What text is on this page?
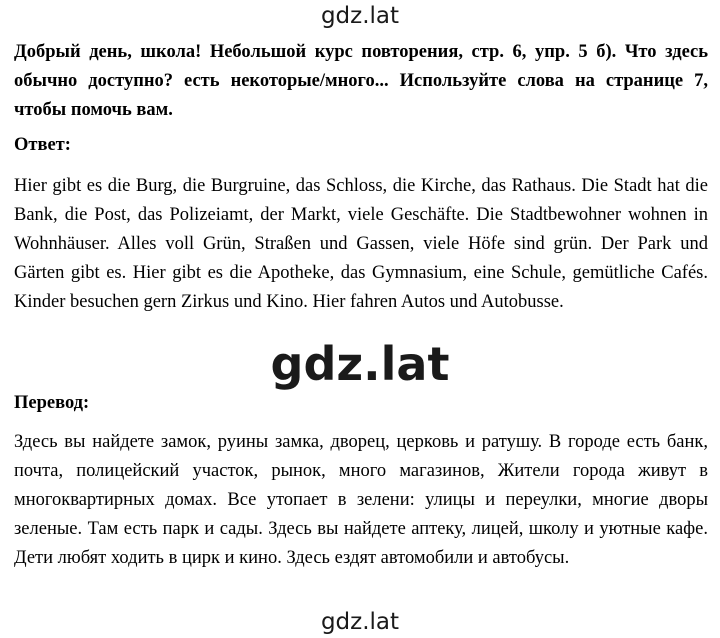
gdz.lat

Добрый день, школа! Небольшой курс повторения, стр. 6, упр. 5 б). Что здесь обычно доступно? есть некоторые/много... Используйте слова на странице 7, чтобы помочь вам.

Ответ:

Hier gibt es die Burg, die Burgruine, das Schloss, die Kirche, das Rathaus. Die Stadt hat die Bank, die Post, das Polizeiamt, der Markt, viele Geschäfte. Die Stadtbewohner wohnen in Wohnhäuser. Alles voll Grün, Straßen und Gassen, viele Höfe sind grün. Der Park und Gärten gibt es. Hier gibt es die Apotheke, das Gymnasium, eine Schule, gemütliche Cafés. Kinder besuchen gern Zirkus und Kino. Hier fahren Autos und Autobusse.

gdz.lat
Перевод:

Здесь вы найдете замок, руины замка, дворец, церковь и ратушу. В городе есть банк, почта, полицейский участок, рынок, много магазинов, Жители города живут в многоквартирных домах. Все утопает в зелени: улицы и переулки, многие дворы зеленые. Там есть парк и сады. Здесь вы найдете аптеку, лицей, школу и уютные кафе. Дети любят ходить в цирк и кино. Здесь ездят автомобили и автобусы.

gdz.lat
